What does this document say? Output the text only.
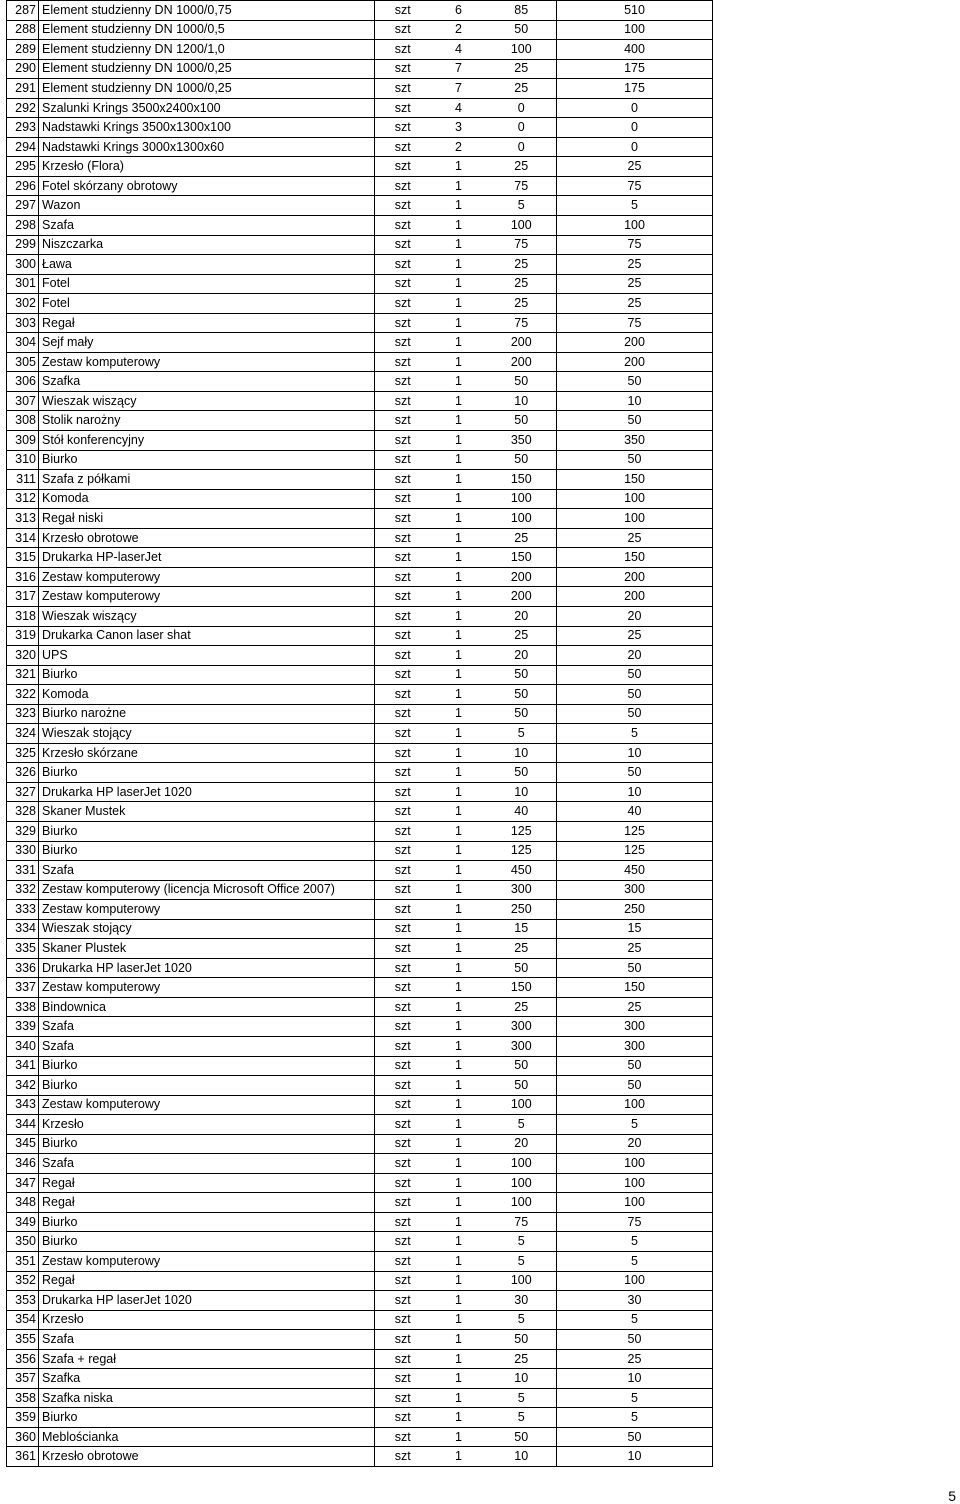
287	Element studzienny DN 1000/0,75	szt	6	85	510
288	Element studzienny DN 1000/0,5	szt	2	50	100
289	Element studzienny DN 1200/1,0	szt	4	100	400
290	Element studzienny DN 1000/0,25	szt	7	25	175
291	Element studzienny DN 1000/0,25	szt	7	25	175
292	Szalunki Krings 3500x2400x100	szt	4	0	0
293	Nadstawki Krings 3500x1300x100	szt	3	0	0
294	Nadstawki Krings 3000x1300x60	szt	2	0	0
295	Krzesło (Flora)	szt	1	25	25
296	Fotel skórzany obrotowy	szt	1	75	75
297	Wazon	szt	1	5	5
298	Szafa	szt	1	100	100
299	Niszczarka	szt	1	75	75
300	Ława	szt	1	25	25
301	Fotel	szt	1	25	25
302	Fotel	szt	1	25	25
303	Regał	szt	1	75	75
304	Sejf mały	szt	1	200	200
305	Zestaw komputerowy	szt	1	200	200
306	Szafka	szt	1	50	50
307	Wieszak wiszący	szt	1	10	10
308	Stolik narożny	szt	1	50	50
309	Stół konferencyjny	szt	1	350	350
310	Biurko	szt	1	50	50
311	Szafa z półkami	szt	1	150	150
312	Komoda	szt	1	100	100
313	Regał niski	szt	1	100	100
314	Krzesło obrotowe	szt	1	25	25
315	Drukarka HP-laserJet	szt	1	150	150
316	Zestaw komputerowy	szt	1	200	200
317	Zestaw komputerowy	szt	1	200	200
318	Wieszak wiszący	szt	1	20	20
319	Drukarka Canon laser shat	szt	1	25	25
320	UPS	szt	1	20	20
321	Biurko	szt	1	50	50
322	Komoda	szt	1	50	50
323	Biurko narożne	szt	1	50	50
324	Wieszak stojący	szt	1	5	5
325	Krzesło skórzane	szt	1	10	10
326	Biurko	szt	1	50	50
327	Drukarka HP laserJet 1020	szt	1	10	10
328	Skaner Mustek	szt	1	40	40
329	Biurko	szt	1	125	125
330	Biurko	szt	1	125	125
331	Szafa	szt	1	450	450
332	Zestaw komputerowy (licencja Microsoft Office 2007)	szt	1	300	300
333	Zestaw komputerowy	szt	1	250	250
334	Wieszak stojący	szt	1	15	15
335	Skaner Plustek	szt	1	25	25
336	Drukarka HP laserJet 1020	szt	1	50	50
337	Zestaw komputerowy	szt	1	150	150
338	Bindownica	szt	1	25	25
339	Szafa	szt	1	300	300
340	Szafa	szt	1	300	300
341	Biurko	szt	1	50	50
342	Biurko	szt	1	50	50
343	Zestaw komputerowy	szt	1	100	100
344	Krzesło	szt	1	5	5
345	Biurko	szt	1	20	20
346	Szafa	szt	1	100	100
347	Regał	szt	1	100	100
348	Regał	szt	1	100	100
349	Biurko	szt	1	75	75
350	Biurko	szt	1	5	5
351	Zestaw komputerowy	szt	1	5	5
352	Regał	szt	1	100	100
353	Drukarka HP laserJet 1020	szt	1	30	30
354	Krzesło	szt	1	5	5
355	Szafa	szt	1	50	50
356	Szafa + regał	szt	1	25	25
357	Szafka	szt	1	10	10
358	Szafka niska	szt	1	5	5
359	Biurko	szt	1	5	5
360	Meblościanka	szt	1	50	50
361	Krzesło obrotowe	szt	1	10	10
5
